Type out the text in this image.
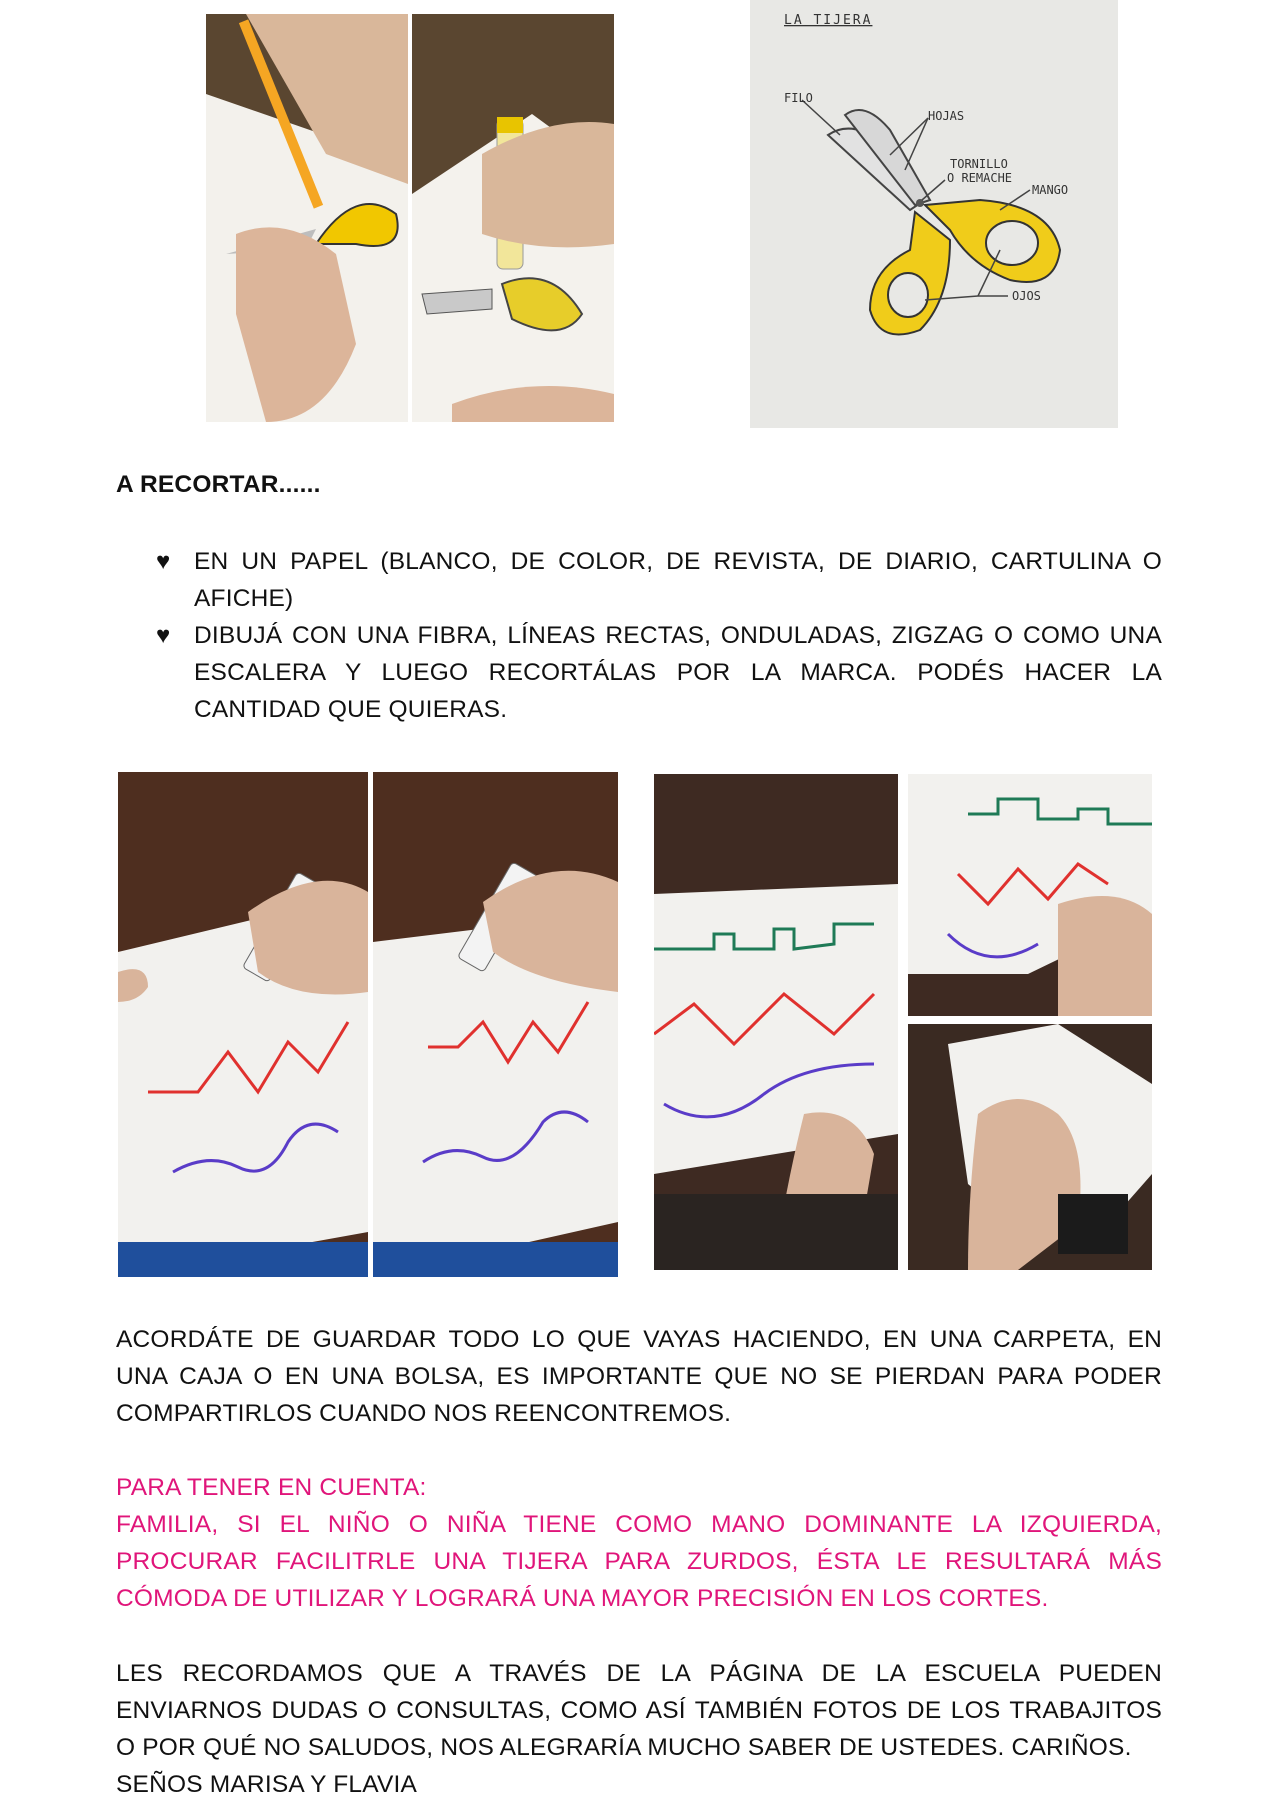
LA TIJERA
FILO
HOJAS
TORNILLO
O REMACHE
MANGO
OJOS
A RECORTAR......
♥ EN UN PAPEL (BLANCO, DE COLOR, DE REVISTA, DE DIARIO, CARTULINA O AFICHE)
♥ DIBUJÁ CON UNA FIBRA, LÍNEAS RECTAS, ONDULADAS, ZIGZAG O COMO UNA ESCALERA Y LUEGO RECORTÁLAS POR LA MARCA. PODÉS HACER LA CANTIDAD QUE QUIERAS.
ACORDÁTE DE GUARDAR TODO LO QUE VAYAS HACIENDO, EN UNA CARPETA, EN UNA CAJA O EN UNA BOLSA, ES IMPORTANTE QUE NO SE PIERDAN PARA PODER COMPARTIRLOS CUANDO NOS REENCONTREMOS.
PARA TENER EN CUENTA:
FAMILIA, SI EL NIÑO O NIÑA TIENE COMO MANO DOMINANTE LA IZQUIERDA, PROCURAR FACILITRLE UNA TIJERA PARA ZURDOS, ÉSTA LE RESULTARÁ MÁS CÓMODA DE UTILIZAR Y LOGRARÁ UNA MAYOR PRECISIÓN EN LOS CORTES.
LES RECORDAMOS QUE A TRAVÉS DE LA PÁGINA DE LA ESCUELA PUEDEN ENVIARNOS DUDAS O CONSULTAS, COMO ASÍ TAMBIÉN FOTOS DE LOS TRABAJITOS O POR QUÉ NO SALUDOS, NOS ALEGRARÍA MUCHO SABER DE USTEDES. CARIÑOS.
SEÑOS MARISA Y FLAVIA
